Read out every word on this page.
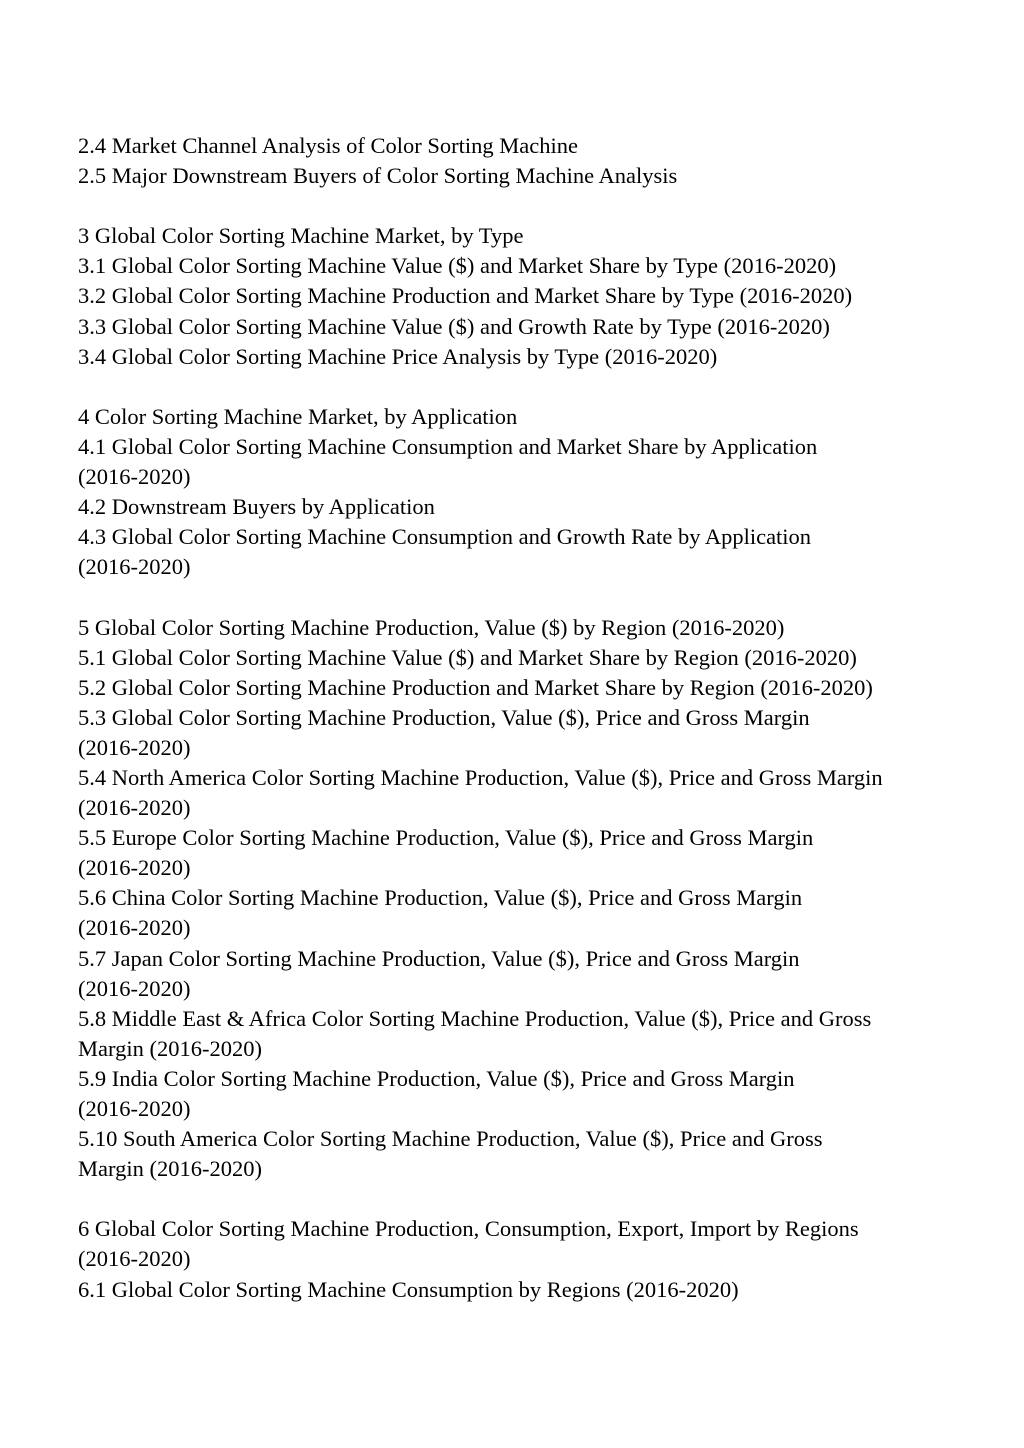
2.4 Market Channel Analysis of Color Sorting Machine
2.5 Major Downstream Buyers of Color Sorting Machine Analysis
3 Global Color Sorting Machine Market, by Type
3.1 Global Color Sorting Machine Value ($) and Market Share by Type (2016-2020)
3.2 Global Color Sorting Machine Production and Market Share by Type (2016-2020)
3.3 Global Color Sorting Machine Value ($) and Growth Rate by Type (2016-2020)
3.4 Global Color Sorting Machine Price Analysis by Type (2016-2020)
4 Color Sorting Machine Market, by Application
4.1 Global Color Sorting Machine Consumption and Market Share by Application
(2016-2020)
4.2 Downstream Buyers by Application
4.3 Global Color Sorting Machine Consumption and Growth Rate by Application
(2016-2020)
5 Global Color Sorting Machine Production, Value ($) by Region (2016-2020)
5.1 Global Color Sorting Machine Value ($) and Market Share by Region (2016-2020)
5.2 Global Color Sorting Machine Production and Market Share by Region (2016-2020)
5.3 Global Color Sorting Machine Production, Value ($), Price and Gross Margin
(2016-2020)
5.4 North America Color Sorting Machine Production, Value ($), Price and Gross Margin
(2016-2020)
5.5 Europe Color Sorting Machine Production, Value ($), Price and Gross Margin
(2016-2020)
5.6 China Color Sorting Machine Production, Value ($), Price and Gross Margin
(2016-2020)
5.7 Japan Color Sorting Machine Production, Value ($), Price and Gross Margin
(2016-2020)
5.8 Middle East & Africa Color Sorting Machine Production, Value ($), Price and Gross
Margin (2016-2020)
5.9 India Color Sorting Machine Production, Value ($), Price and Gross Margin
(2016-2020)
5.10 South America Color Sorting Machine Production, Value ($), Price and Gross
Margin (2016-2020)
6 Global Color Sorting Machine Production, Consumption, Export, Import by Regions
(2016-2020)
6.1 Global Color Sorting Machine Consumption by Regions (2016-2020)
